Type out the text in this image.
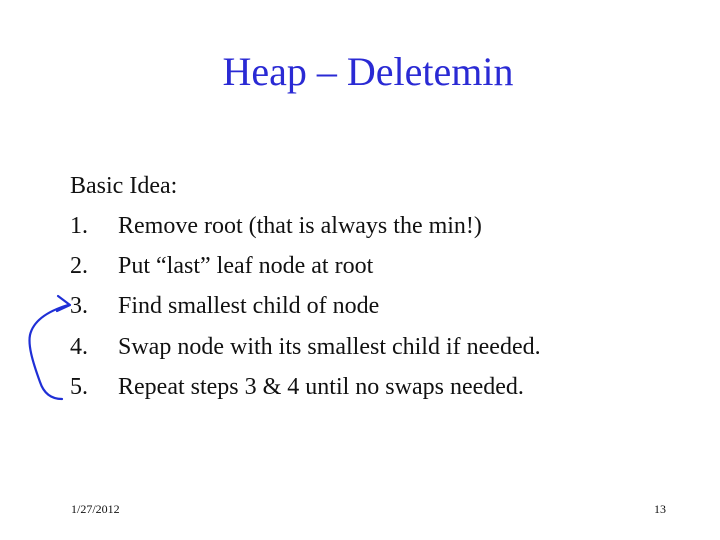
Heap – Deletemin
Basic Idea:
1. Remove root (that is always the min!)
2. Put “last” leaf node at root
3. Find smallest child of node
4. Swap node with its smallest child if needed.
5. Repeat steps 3 & 4 until no swaps needed.
1/27/2012	13
